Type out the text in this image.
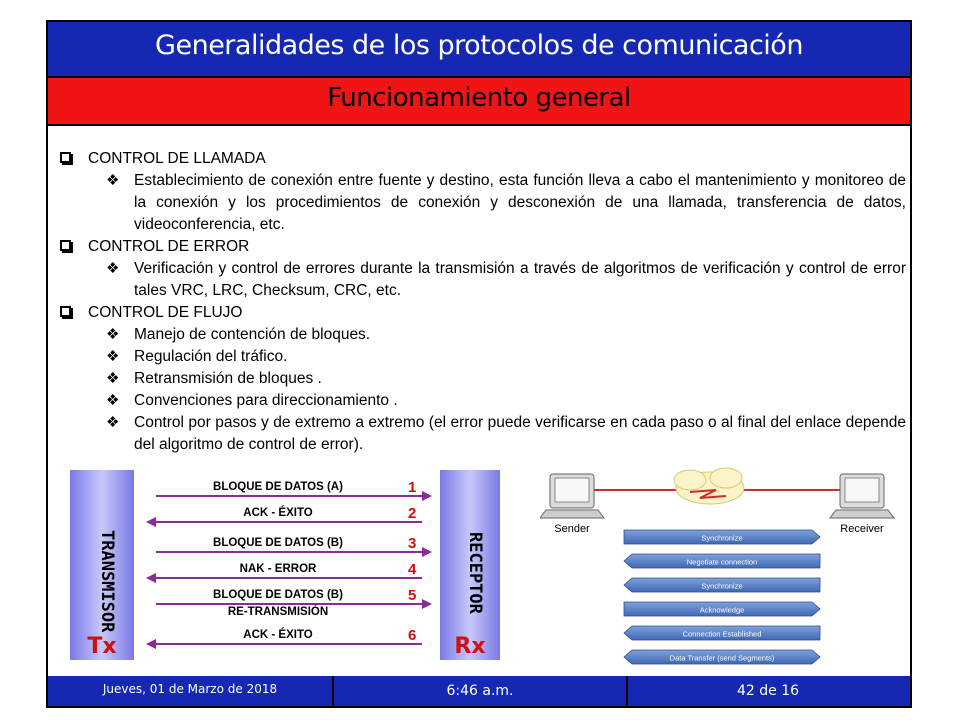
Generalidades de los protocolos de comunicación
Funcionamiento general
Jueves, 01 de Marzo de 2018	6:46 a.m.	42 de 16
CONTROL DE LLAMADA
❖ Establecimiento de conexión entre fuente y destino, esta función lleva a cabo el mantenimiento y monitoreo de la conexión y los procedimientos de conexión y desconexión de una llamada, transferencia de datos, videoconferencia, etc.
CONTROL DE ERROR
❖ Verificación y control de errores durante la transmisión a través de algoritmos de verificación y control de error tales VRC, LRC, Checksum, CRC, etc.
CONTROL DE FLUJO
❖ Manejo de contención de bloques.
❖ Regulación del tráfico.
❖ Retransmisión de bloques .
❖ Convenciones para direccionamiento .
❖ Control por pasos y de extremo a extremo (el error puede verificarse en cada paso o al final del enlace depende del algoritmo de control de error).
TRANSMISOR
Tx
RECEPTOR
Rx
BLOQUE DE DATOS (A)	1
ACK - ÉXITO	2
BLOQUE DE DATOS (B)	3
NAK - ERROR	4
BLOQUE DE DATOS (B)	5
RE-TRANSMISIÓN
ACK - ÉXITO	6
Sender	Receiver
Synchronize
Negotiate connection
Synchronize
Acknowledge
Connection Established
Data Transfer (send Segments)
